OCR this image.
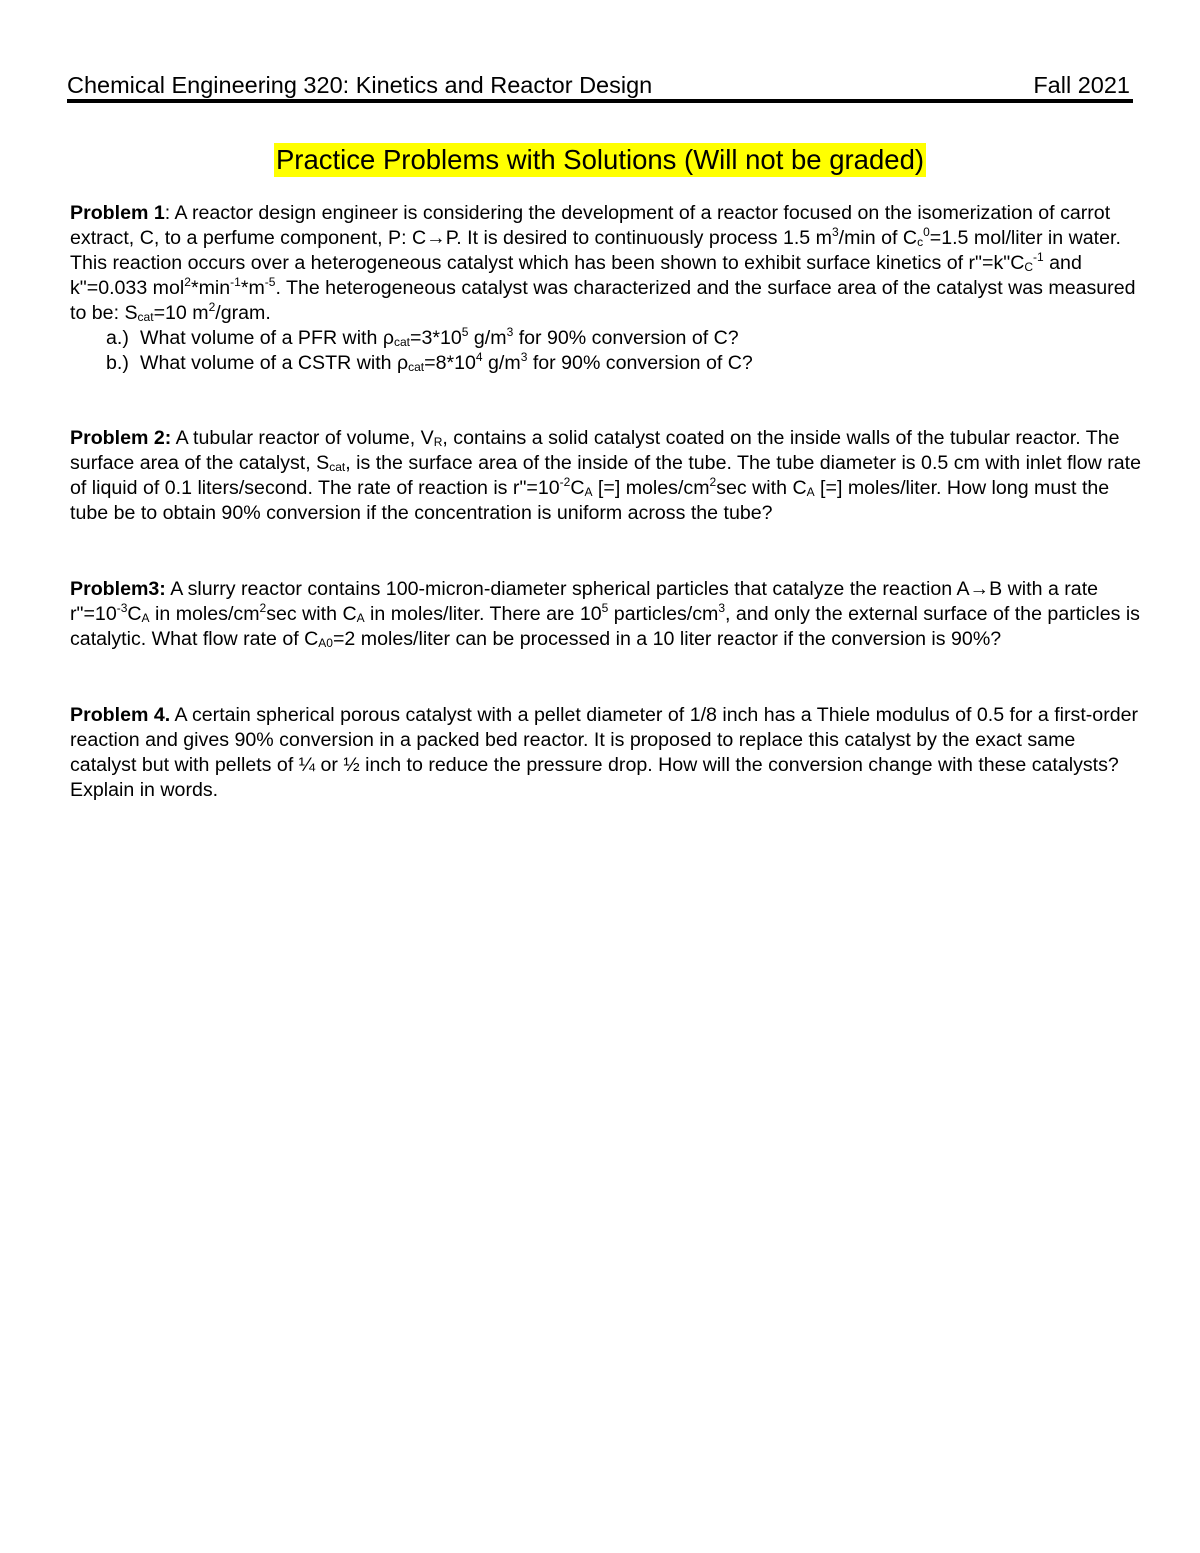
Chemical Engineering 320: Kinetics and Reactor Design	Fall 2021
Practice Problems with Solutions (Will not be graded)

Problem 1: A reactor design engineer is considering the development of a reactor focused on the isomerization of carrot extract, C, to a perfume component, P: C→P. It is desired to continuously process 1.5 $m^3/\min$ of $Cc^0=1.5$ mol/liter in water. This reaction occurs over a heterogeneous catalyst which has been shown to exhibit surface kinetics of $r"=k"CC^{-1}$ and k"=0.033 $mol^2*\min^{-1}*m^{-5}$. The heterogeneous catalyst was characterized and the surface area of the catalyst was measured to be: Scat=10 $m^2$/gram.

a.) What volume of a PFR with $\rho cat=3*10^5$ $g/m^3$ for 90% conversion of C?
b.) What volume of a CSTR with $\rho cat=8*10^4$ $g/m^3$ for 90% conversion of C?

Problem 2: A tubular reactor of volume, VR, contains a solid catalyst coated on the inside walls of the tubular reactor. The surface area of the catalyst, Scat, is the surface area of the inside of the tube. The tube diameter is 0.5 cm with inlet flow rate of liquid of 0.1 liters/second. The rate of reaction is $r"=10^{-2}CA$ [=] moles/$cm^2\sec$ with CA [=] moles/liter. How long must the tube be to obtain 90% conversion if the concentration is uniform across the tube?

Problem3: A slurry reactor contains 100-micron-diameter spherical particles that catalyze the reaction A→B with a rate $r"=10^{-3}CA$ in moles/$cm^2\sec$ with CA in moles/liter. There are $10^5$ particles/$cm^3$, and only the external surface of the particles is catalytic. What flow rate of CA0=2 moles/liter can be processed in a 10 liter reactor if the conversion is 90%?

Problem 4. A certain spherical porous catalyst with a pellet diameter of 1/8 inch has a Thiele modulus of 0.5 for a first-order reaction and gives 90% conversion in a packed bed reactor. It is proposed to replace this catalyst by the exact same catalyst but with pellets of ¼ or ½ inch to reduce the pressure drop. How will the conversion change with these catalysts? Explain in words.
